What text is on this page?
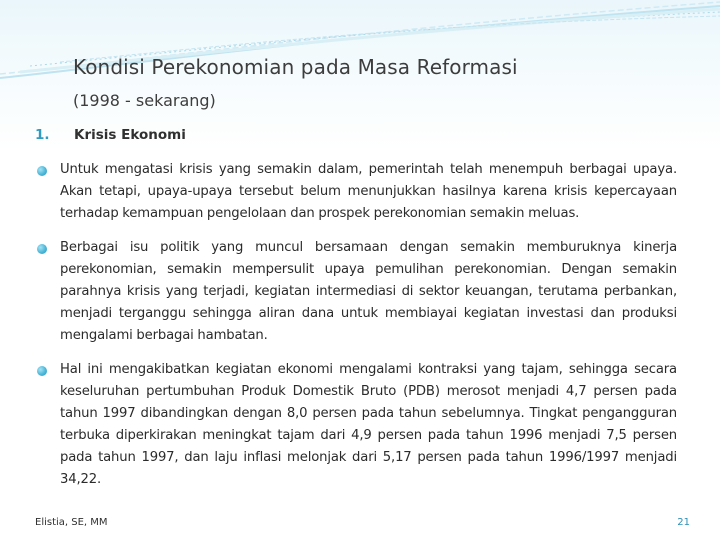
Kondisi Perekonomian pada Masa Reformasi
(1998 - sekarang)
1. Krisis Ekonomi
Untuk mengatasi krisis yang semakin dalam, pemerintah telah menempuh berbagai upaya. Akan tetapi, upaya-upaya tersebut belum menunjukkan hasilnya karena krisis kepercayaan terhadap kemampuan pengelolaan dan prospek perekonomian semakin meluas.
Berbagai isu politik yang muncul bersamaan dengan semakin memburuknya kinerja perekonomian, semakin mempersulit upaya pemulihan perekonomian. Dengan semakin parahnya krisis yang terjadi, kegiatan intermediasi di sektor keuangan, terutama perbankan, menjadi terganggu sehingga aliran dana untuk membiayai kegiatan investasi dan produksi mengalami berbagai hambatan.
Hal ini mengakibatkan kegiatan ekonomi mengalami kontraksi yang tajam, sehingga secara keseluruhan pertumbuhan Produk Domestik Bruto (PDB) merosot menjadi 4,7 persen pada tahun 1997 dibandingkan dengan 8,0 persen pada tahun sebelumnya. Tingkat pengangguran terbuka diperkirakan meningkat tajam dari 4,9 persen pada tahun 1996 menjadi 7,5 persen pada tahun 1997, dan laju inflasi melonjak dari 5,17 persen pada tahun 1996/1997 menjadi 34,22.
Elistia, SE, MM	21
